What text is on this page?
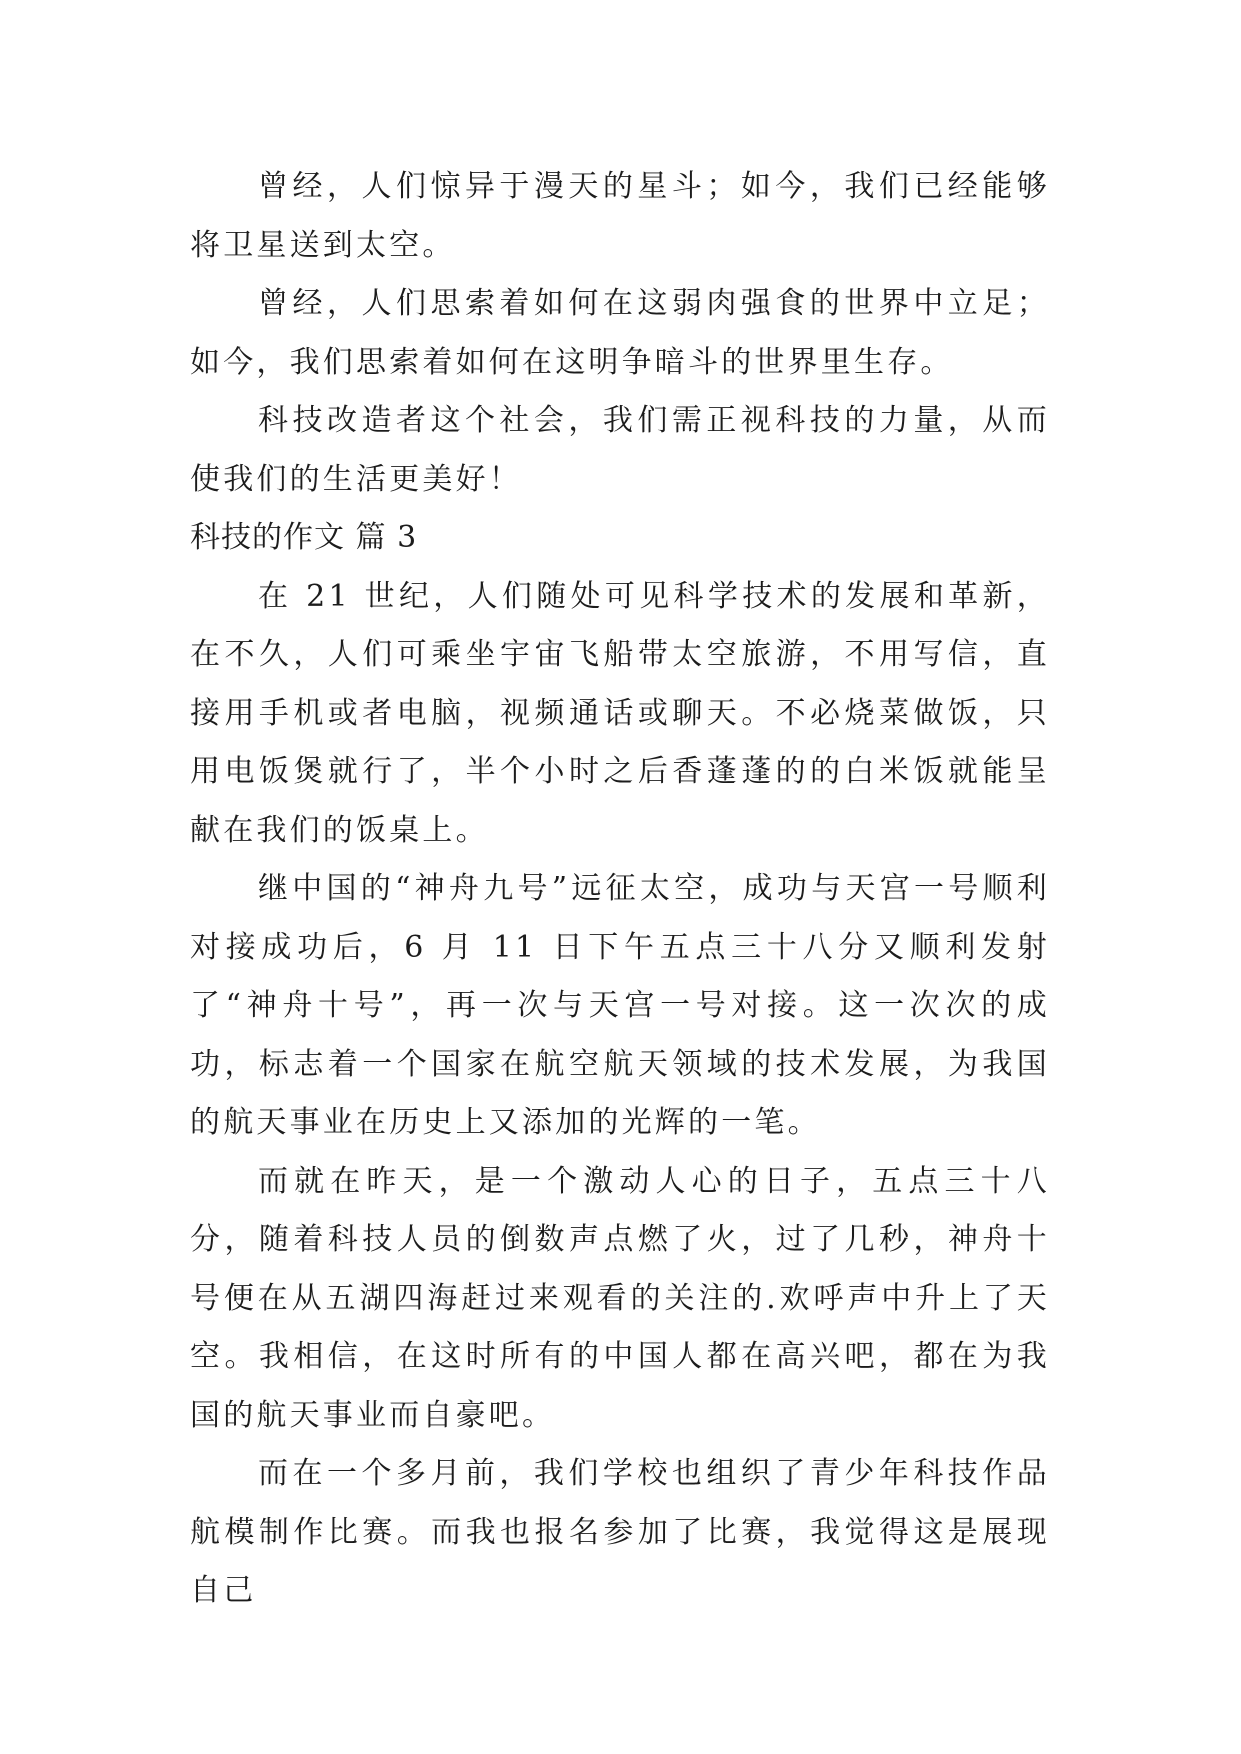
曾经，人们惊异于漫天的星斗；如今，我们已经能够将卫星送到太空。

曾经，人们思索着如何在这弱肉强食的世界中立足；如今，我们思索着如何在这明争暗斗的世界里生存。

科技改造者这个社会，我们需正视科技的力量，从而使我们的生活更美好！

科技的作文 篇 3

在 21 世纪，人们随处可见科学技术的发展和革新，在不久，人们可乘坐宇宙飞船带太空旅游，不用写信，直接用手机或者电脑，视频通话或聊天。不必烧菜做饭，只用电饭煲就行了，半个小时之后香蓬蓬的的白米饭就能呈献在我们的饭桌上。

继中国的“神舟九号”远征太空，成功与天宫一号顺利对接成功后，6 月 11 日下午五点三十八分又顺利发射了“神舟十号”，再一次与天宫一号对接。这一次次的成功，标志着一个国家在航空航天领域的技术发展，为我国的航天事业在历史上又添加的光辉的一笔。

而就在昨天，是一个激动人心的日子，五点三十八分，随着科技人员的倒数声点燃了火，过了几秒，神舟十号便在从五湖四海赶过来观看的关注的.欢呼声中升上了天空。我相信，在这时所有的中国人都在高兴吧，都在为我国的航天事业而自豪吧。

而在一个多月前，我们学校也组织了青少年科技作品航模制作比赛。而我也报名参加了比赛，我觉得这是展现自己
